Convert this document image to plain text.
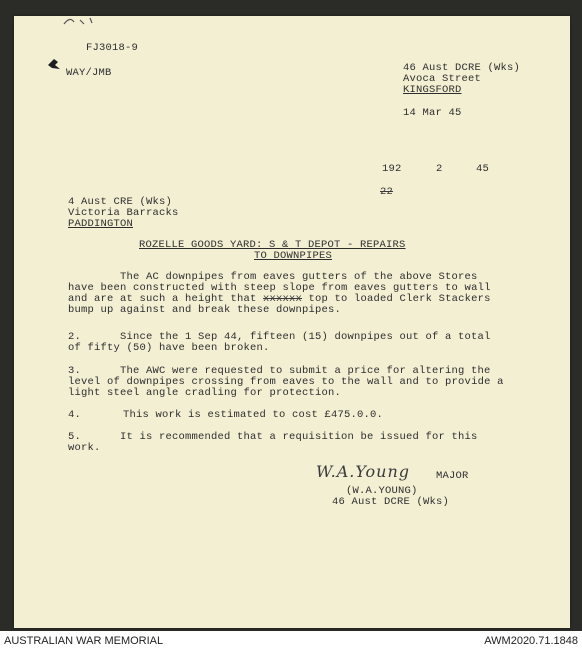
FJ3018-9
WAY/JMB	46 Aust DCRE (Wks)
Avoca Street
KINGSFORD
14 Mar 45
192	2	45
22
4 Aust CRE (Wks)
Victoria Barracks
PADDINGTON
ROZELLE GOODS YARD: S & T DEPOT - REPAIRS
TO DOWNPIPES
The AC downpipes from eaves gutters of the above Stores have been constructed with steep slope from eaves gutters to wall and are at such a height that xxxxxx top to loaded Clerk Stackers bump up against and break these downpipes.
2.	Since the 1 Sep 44, fifteen (15) downpipes out of a total of fifty (50) have been broken.
3.	The AWC were requested to submit a price for altering the level of downpipes crossing from eaves to the wall and to provide a light steel angle cradling for protection.
4.	This work is estimated to cost £475.0.0.
5.	It is recommended that a requisition be issued for this work.
W.A.Young MAJOR
(W.A.YOUNG)
46 Aust DCRE (Wks)
AUSTRALIAN WAR MEMORIAL	AWM2020.71.1848
